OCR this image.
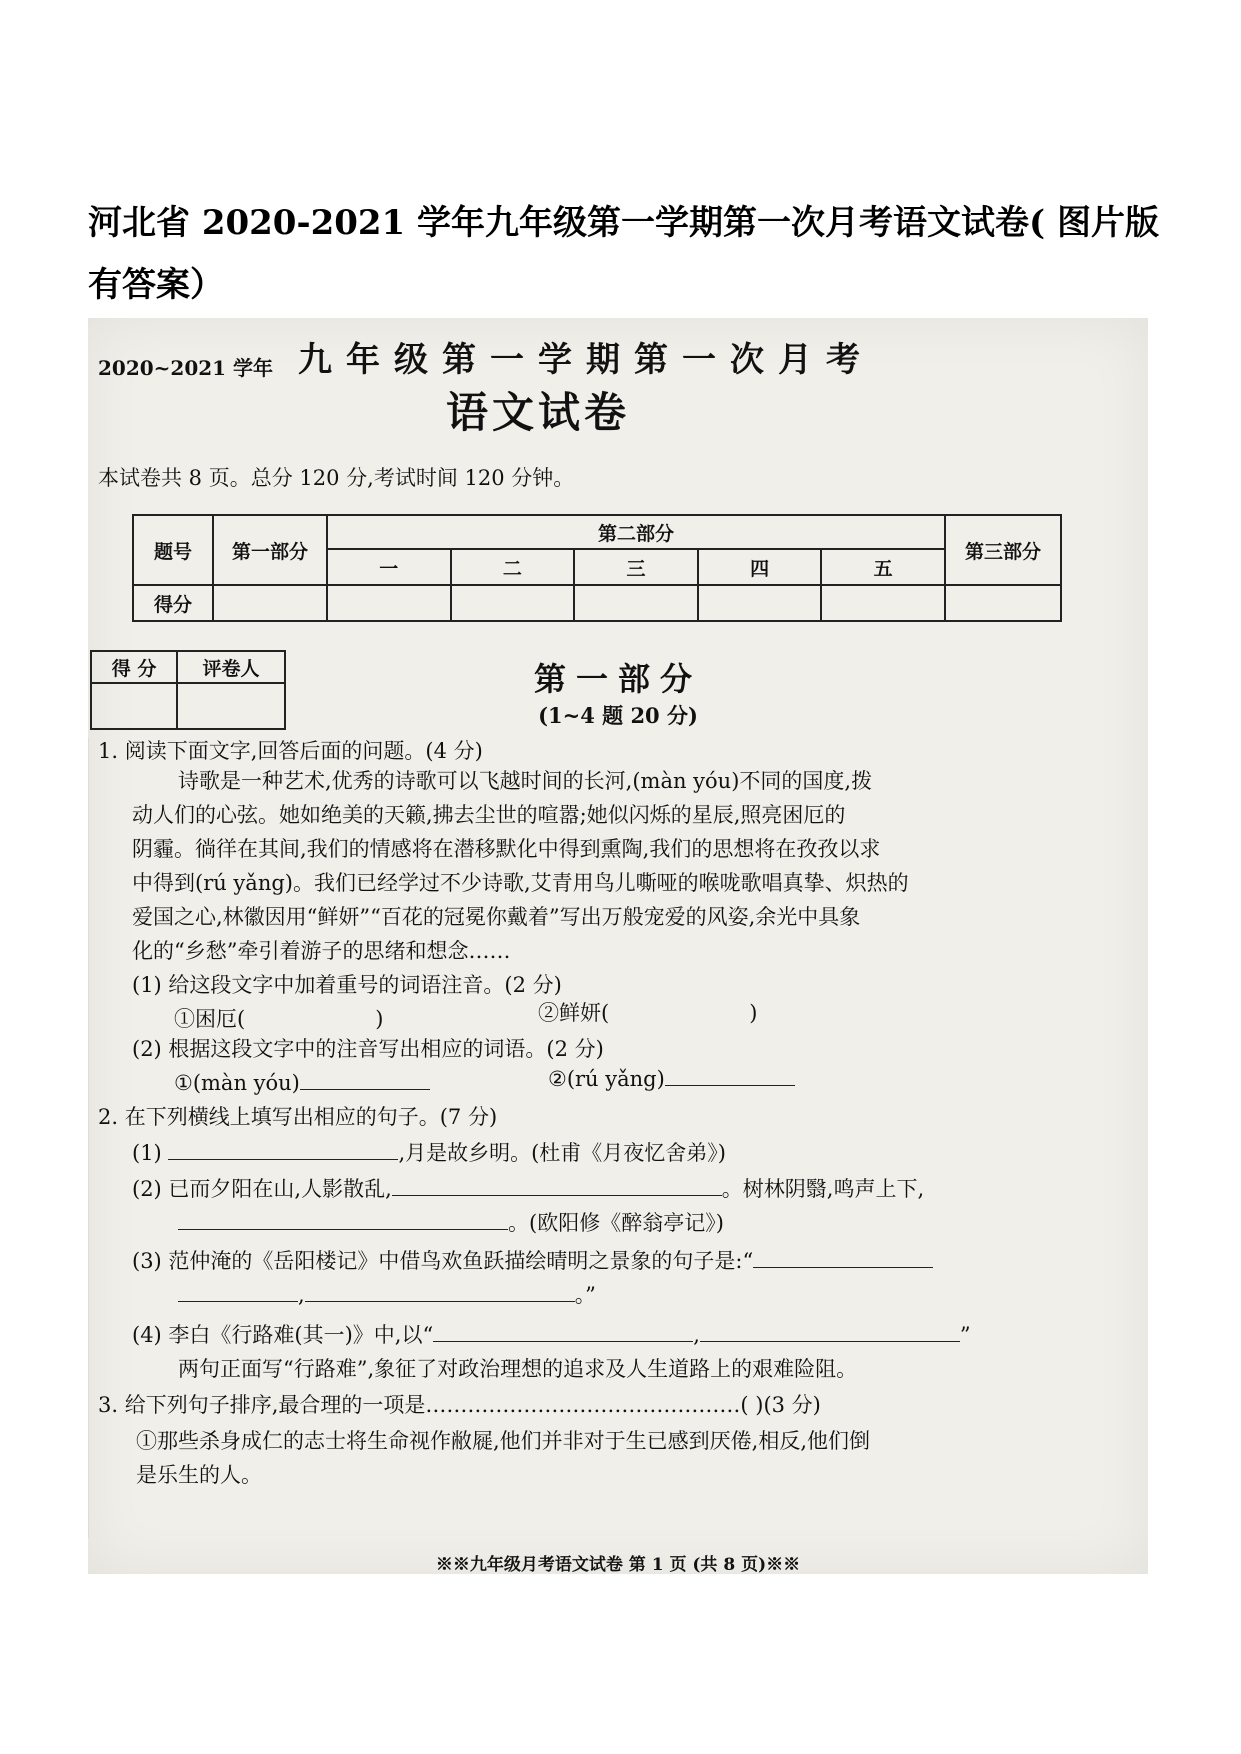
河北省 2020-2021 学年九年级第一学期第一次月考语文试卷( 图片版有答案）
2020~2021 学年 九年级第一学期第一次月考
语文试卷
本试卷共 8 页。总分 120 分,考试时间 120 分钟。
题号	第一部分	第二部分					第三部分
		一	二	三	四	五	
得分							
得 分	评卷人
		第一部分
(1~4 题 20 分)
1. 阅读下面文字,回答后面的问题。(4 分)
诗歌是一种艺术,优秀的诗歌可以飞越时间的长河,(màn yóu)不同的国度,拨
动人们的心弦。她如绝美的天籁,拂去尘世的喧嚣;她似闪烁的星辰,照亮困厄的
阴霾。徜徉在其间,我们的情感将在潜移默化中得到熏陶,我们的思想将在孜孜以求
中得到(rú yǎng)。我们已经学过不少诗歌,艾青用鸟儿嘶哑的喉咙歌唱真挚、炽热的
爱国之心,林徽因用“鲜妍”“百花的冠冕你戴着”写出万般宠爱的风姿,余光中具象
化的“乡愁”牵引着游子的思绪和想念……
(1) 给这段文字中加着重号的词语注音。(2 分)
①困厄(	)	②鲜妍(	)
(2) 根据这段文字中的注音写出相应的词语。(2 分)
①(màn yóu)	②(rú yǎng)
2. 在下列横线上填写出相应的句子。(7 分)
(1)	,月是故乡明。(杜甫《月夜忆舍弟》)
(2) 已而夕阳在山,人影散乱,	。树林阴翳,鸣声上下,
。(欧阳修《醉翁亭记》)
(3) 范仲淹的《岳阳楼记》中借鸟欢鱼跃描绘晴明之景象的句子是:“
,	。”
(4) 李白《行路难(其一)》中,以“	,	”
两句正面写“行路难”,象征了对政治理想的追求及人生道路上的艰难险阻。
3. 给下列句子排序,最合理的一项是………………………………………( )(3 分)
①那些杀身成仁的志士将生命视作敝屣,他们并非对于生已感到厌倦,相反,他们倒
是乐生的人。
※※九年级月考语文试卷 第 1 页 (共 8 页)※※
